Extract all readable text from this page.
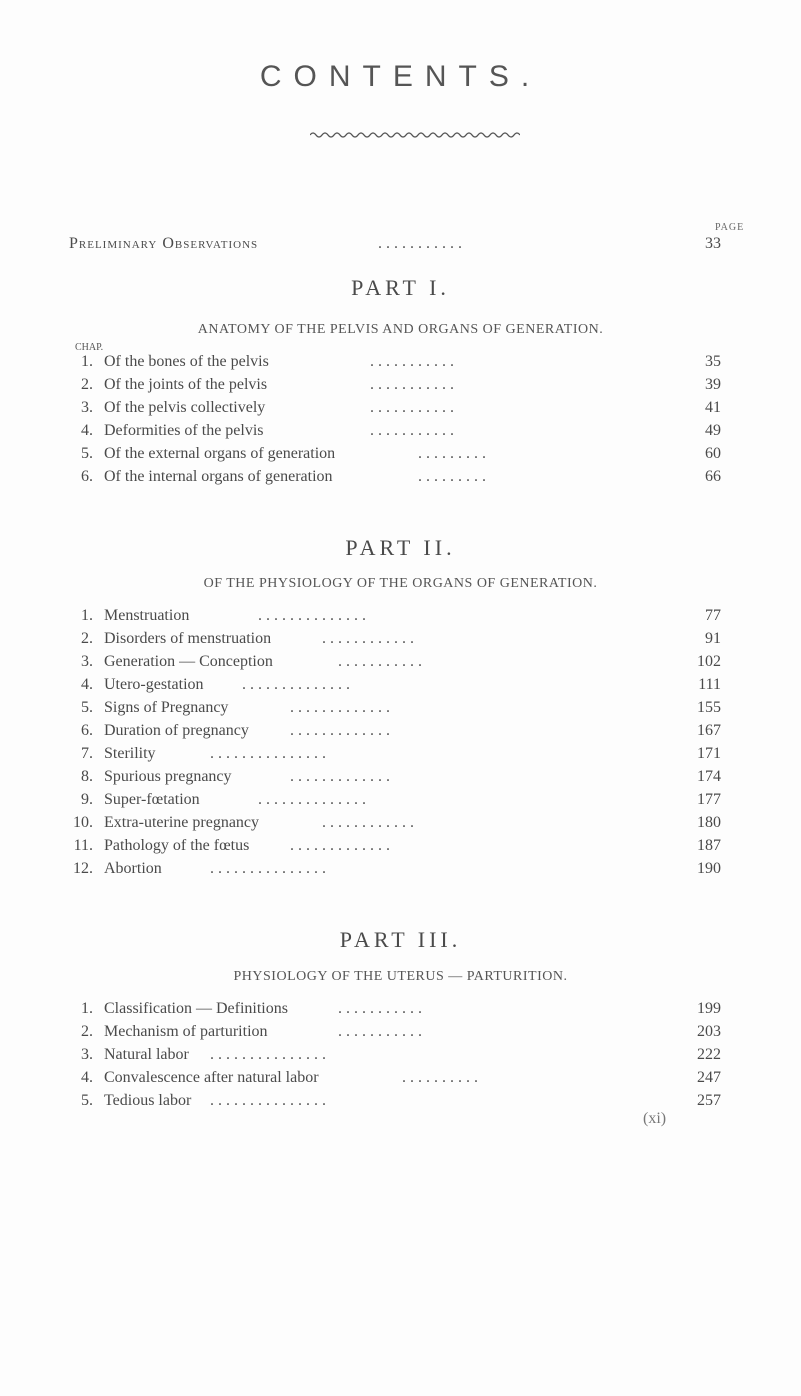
CONTENTS.
PAGE
Preliminary Observations	. . . . . . . . . . .	33
PART I.
ANATOMY OF THE PELVIS AND ORGANS OF GENERATION.
CHAP.
1. Of the bones of the pelvis	. . . . . . . . . . .	35
2. Of the joints of the pelvis	. . . . . . . . . . .	39
3. Of the pelvis collectively	. . . . . . . . . . .	41
4. Deformities of the pelvis	. . . . . . . . . . .	49
5. Of the external organs of generation	. . . . . . . . .	60
6. Of the internal organs of generation	. . . . . . . . .	66
PART II.
OF THE PHYSIOLOGY OF THE ORGANS OF GENERATION.
1. Menstruation	. . . . . . . . . . . . . .	77
2. Disorders of menstruation	. . . . . . . . . . . .	91
3. Generation — Conception	. . . . . . . . . . .	102
4. Utero-gestation . . . . . . . . . . . . . .	111
5. Signs of Pregnancy	. . . . . . . . . . . . .	155
6. Duration of pregnancy	. . . . . . . . . . . . .	167
7. Sterility	. . . . . . . . . . . . . . .	171
8. Spurious pregnancy	. . . . . . . . . . . . .	174
9. Super-fœtation	. . . . . . . . . . . . . .	177
10. Extra-uterine pregnancy	. . . . . . . . . . . .	180
11. Pathology of the fœtus	. . . . . . . . . . . . .	187
12. Abortion	. . . . . . . . . . . . . . .	190
PART III.
PHYSIOLOGY OF THE UTERUS — PARTURITION.
1. Classification — Definitions	. . . . . . . . . . .	199
2. Mechanism of parturition	. . . . . . . . . . .	203
3. Natural labor . . . . . . . . . . . . . . .	222
4. Convalescence after natural labor	. . . . . . . . . .	247
5. Tedious labor . . . . . . . . . . . . . . .	257
(xi)
